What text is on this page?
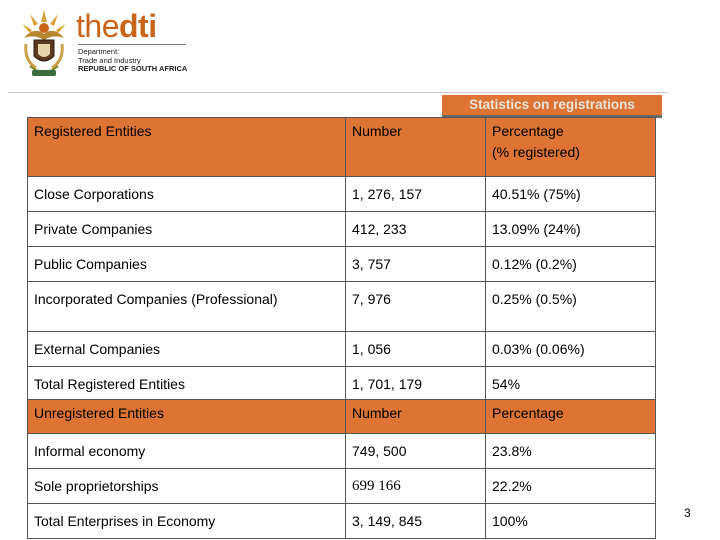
thedti
Department:
Trade and Industry
REPUBLIC OF SOUTH AFRICA
Statistics on registrations
Registered Entities	Number	Percentage
(% registered)

Close Corporations	1, 276, 157	40.51% (75%)
Private Companies	412, 233	13.09% (24%)
Public Companies	3, 757	0.12% (0.2%)
Incorporated Companies (Professional)	7, 976	0.25% (0.5%)
External Companies	1, 056	0.03% (0.06%)
Total Registered Entities	1, 701, 179	54%
Unregistered Entities	Number	Percentage
Informal economy	749, 500	23.8%
Sole proprietorships	699 166	22.2%
Total Enterprises in Economy	3, 149, 845	100%	3
